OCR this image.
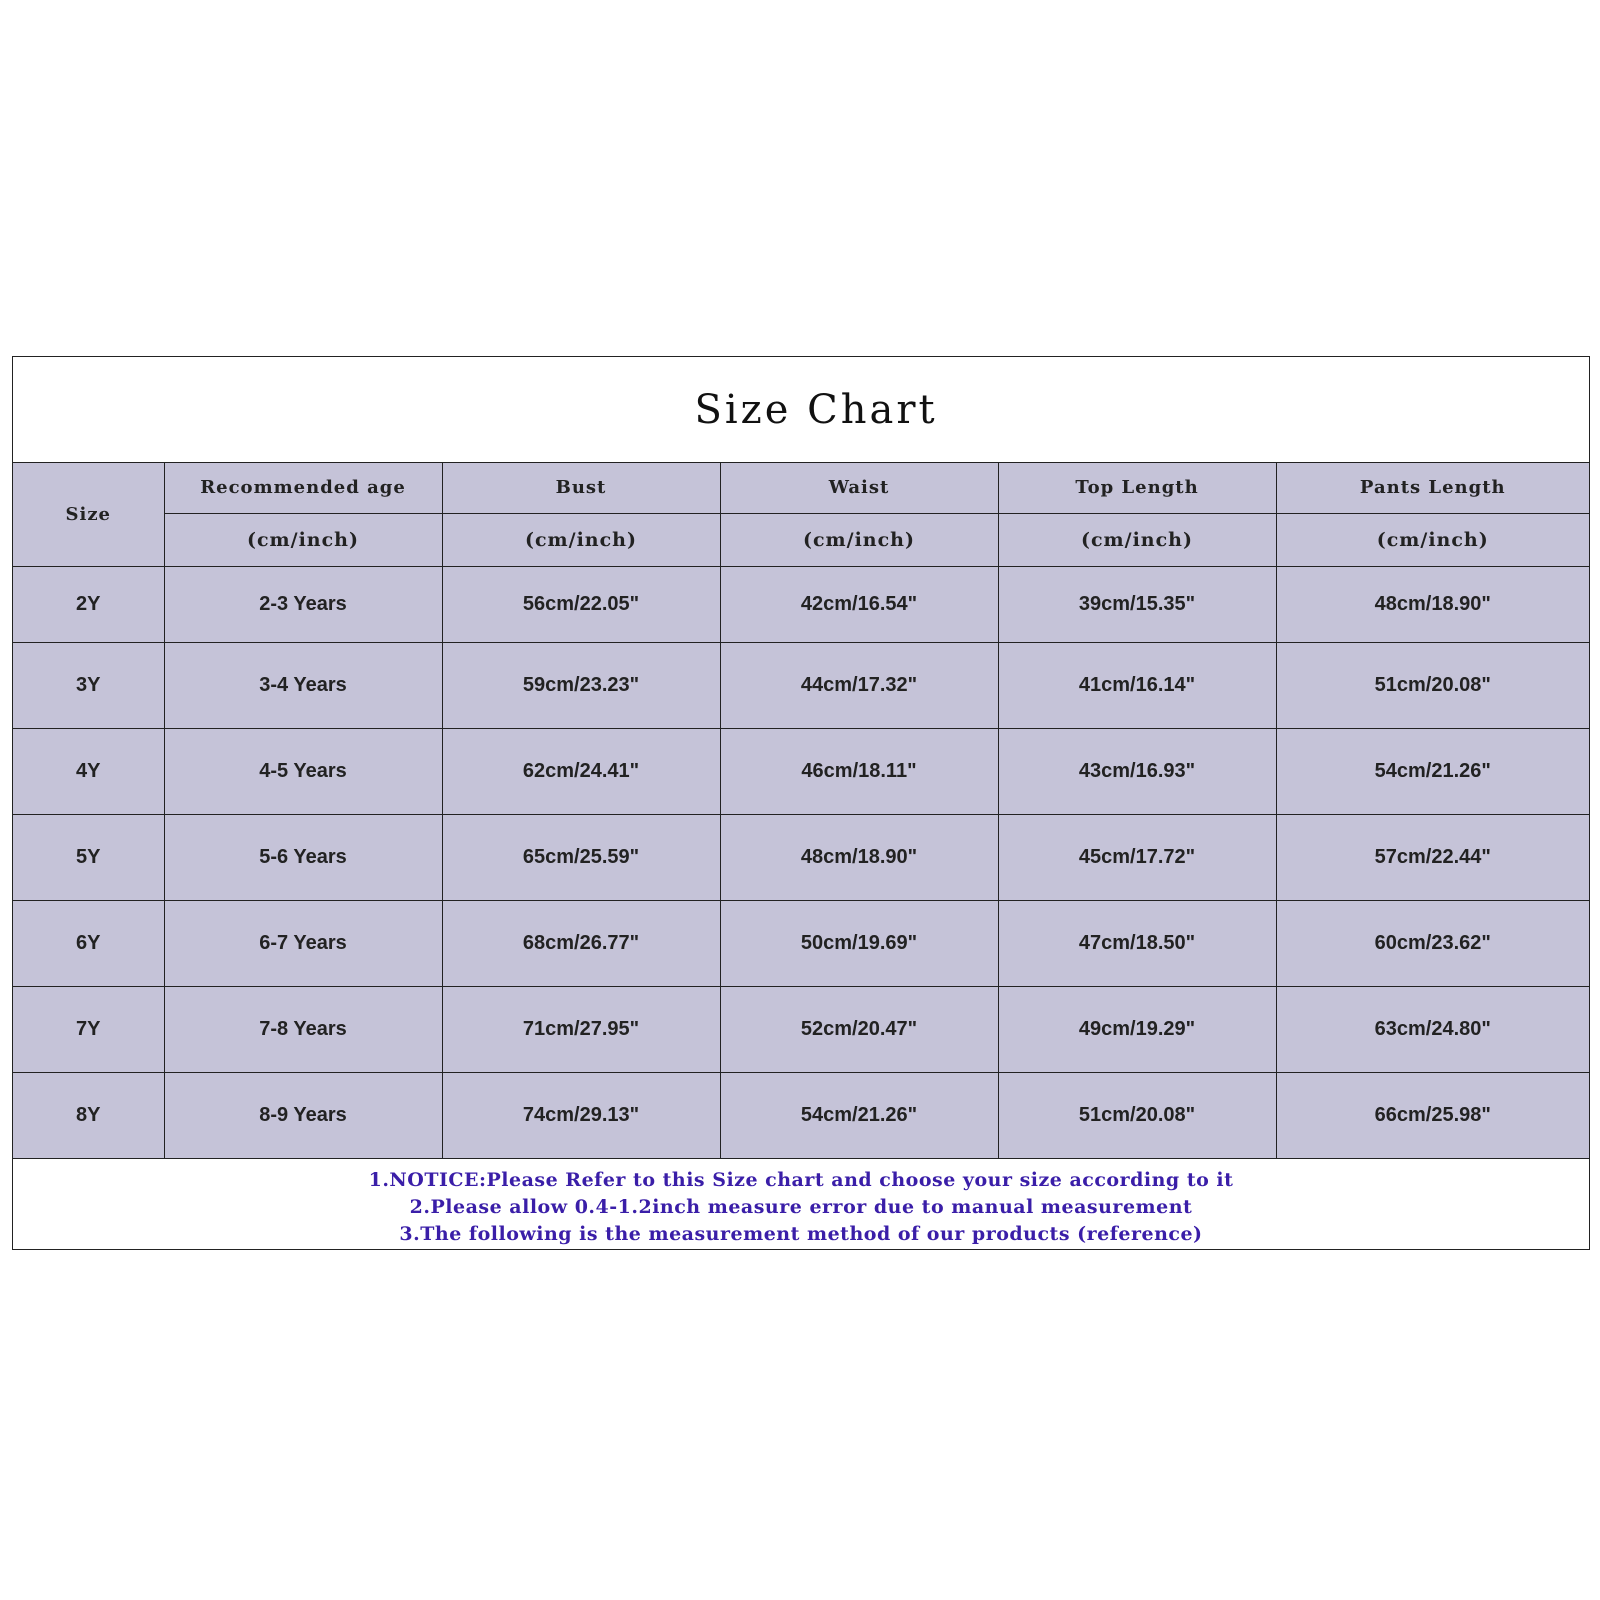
Size Chart
Size	Recommended age	Bust	Waist	Top Length	Pants Length
	(cm/inch)	(cm/inch)	(cm/inch)	(cm/inch)	(cm/inch)
2Y	2-3 Years	56cm/22.05"	42cm/16.54"	39cm/15.35"	48cm/18.90"
3Y	3-4 Years	59cm/23.23"	44cm/17.32"	41cm/16.14"	51cm/20.08"
4Y	4-5 Years	62cm/24.41"	46cm/18.11"	43cm/16.93"	54cm/21.26"
5Y	5-6 Years	65cm/25.59"	48cm/18.90"	45cm/17.72"	57cm/22.44"
6Y	6-7 Years	68cm/26.77"	50cm/19.69"	47cm/18.50"	60cm/23.62"
7Y	7-8 Years	71cm/27.95"	52cm/20.47"	49cm/19.29"	63cm/24.80"
8Y	8-9 Years	74cm/29.13"	54cm/21.26"	51cm/20.08"	66cm/25.98"
1.NOTICE:Please Refer to this Size chart and choose your size according to it
2.Please allow 0.4-1.2inch measure error due to manual measurement
3.The following is the measurement method of our products (reference)
